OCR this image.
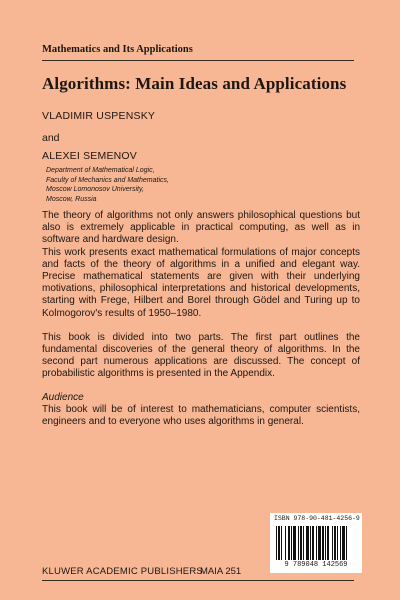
Mathematics and Its Applications
Algorithms: Main Ideas and Applications
VLADIMIR USPENSKY
and
ALEXEI SEMENOV
Department of Mathematical Logic,
Faculty of Mechanics and Mathematics,
Moscow Lomonosov University,
Moscow, Russia

The theory of algorithms not only answers philosophical questions but also is extremely applicable in practical computing, as well as in software and hardware design.

This work presents exact mathematical formulations of major concepts and facts of the theory of algorithms in a unified and elegant way. Precise mathematical statements are given with their underlying motivations, philosophical interpretations and historical developments, starting with Frege, Hilbert and Borel through Gödel and Turing up to Kolmogorov's results of 1950–1980.

This book is divided into two parts. The first part outlines the fundamental discoveries of the general theory of algorithms. In the second part numerous applications are discussed. The concept of probabilistic algorithms is presented in the Appendix.

Audience

This book will be of interest to mathematicians, computer scientists, engineers and to everyone who uses algorithms in general.

ISBN 978-90-481-4256-9
9 789048 142569
KLUWER ACADEMIC PUBLISHERS
MAIA 251
